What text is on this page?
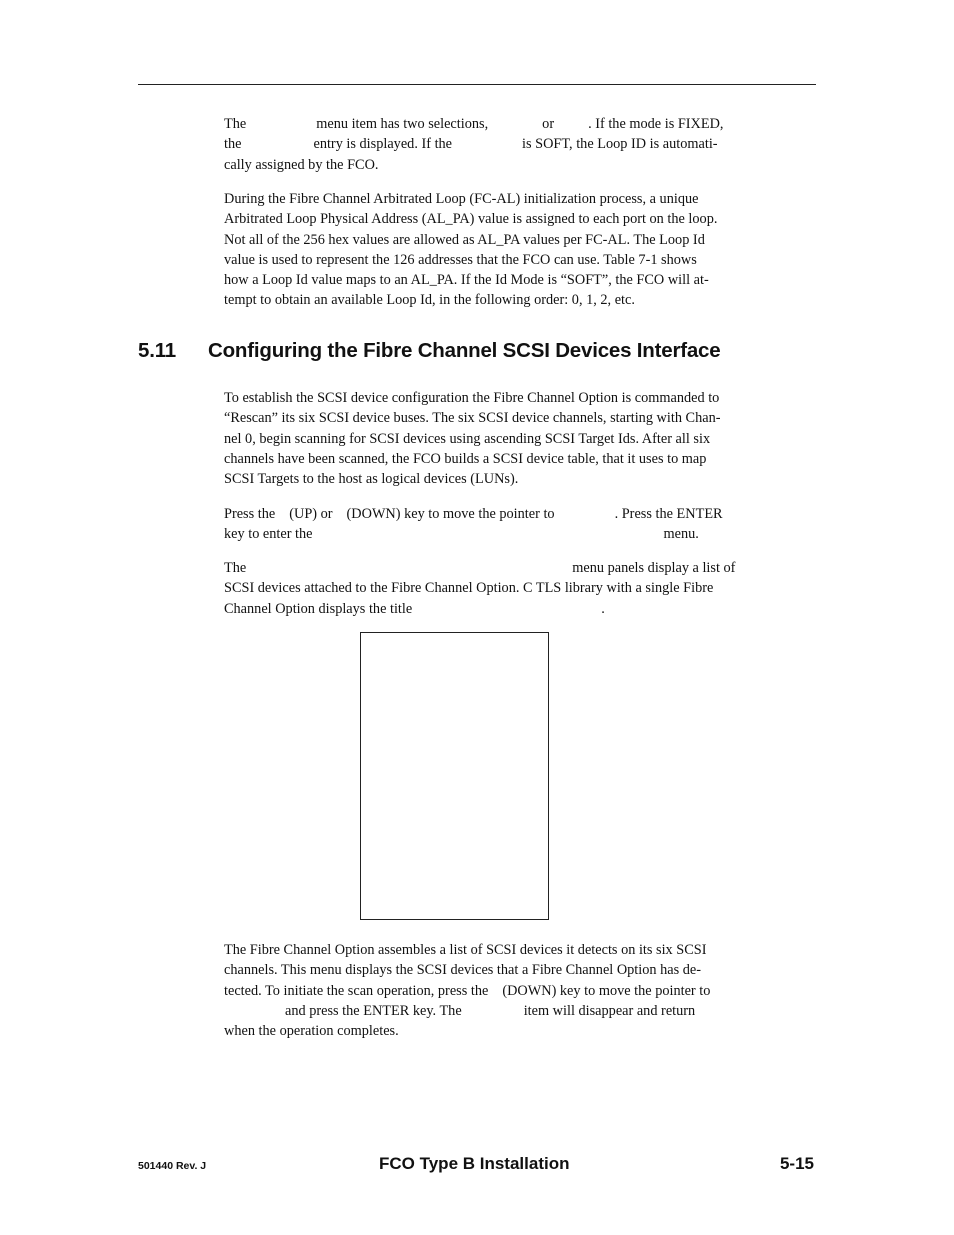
The	menu item has two selections,	or . If the mode is FIXED,
the	entry is displayed. If the	is SOFT, the Loop ID is automati-
cally assigned by the FCO.
During the Fibre Channel Arbitrated Loop (FC-AL) initialization process, a unique
Arbitrated Loop Physical Address (AL_PA) value is assigned to each port on the loop.
Not all of the 256 hex values are allowed as AL_PA values per FC-AL. The Loop Id
value is used to represent the 126 addresses that the FCO can use. Table 7-1 shows
how a Loop Id value maps to an AL_PA. If the Id Mode is “SOFT”, the FCO will at-
tempt to obtain an available Loop Id, in the following order: 0, 1, 2, etc.
5.11 Configuring the Fibre Channel SCSI Devices Interface
To establish the SCSI device configuration the Fibre Channel Option is commanded to
“Rescan” its six SCSI device buses. The six SCSI device channels, starting with Chan-
nel 0, begin scanning for SCSI devices using ascending SCSI Target Ids. After all six
channels have been scanned, the FCO builds a SCSI device table, that it uses to map
SCSI Targets to the host as logical devices (LUNs).
Press the (UP) or (DOWN) key to move the pointer to	. Press the ENTER
key to enter the	menu.
The	menu panels display a list of
SCSI devices attached to the Fibre Channel Option. C TLS library with a single Fibre
Channel Option displays the title	.
The Fibre Channel Option assembles a list of SCSI devices it detects on its six SCSI
channels. This menu displays the SCSI devices that a Fibre Channel Option has de-
tected. To initiate the scan operation, press the (DOWN) key to move the pointer to
and press the ENTER key. The	item will disappear and return
when the operation completes.
501440 Rev. J	FCO Type B Installation	5-15
